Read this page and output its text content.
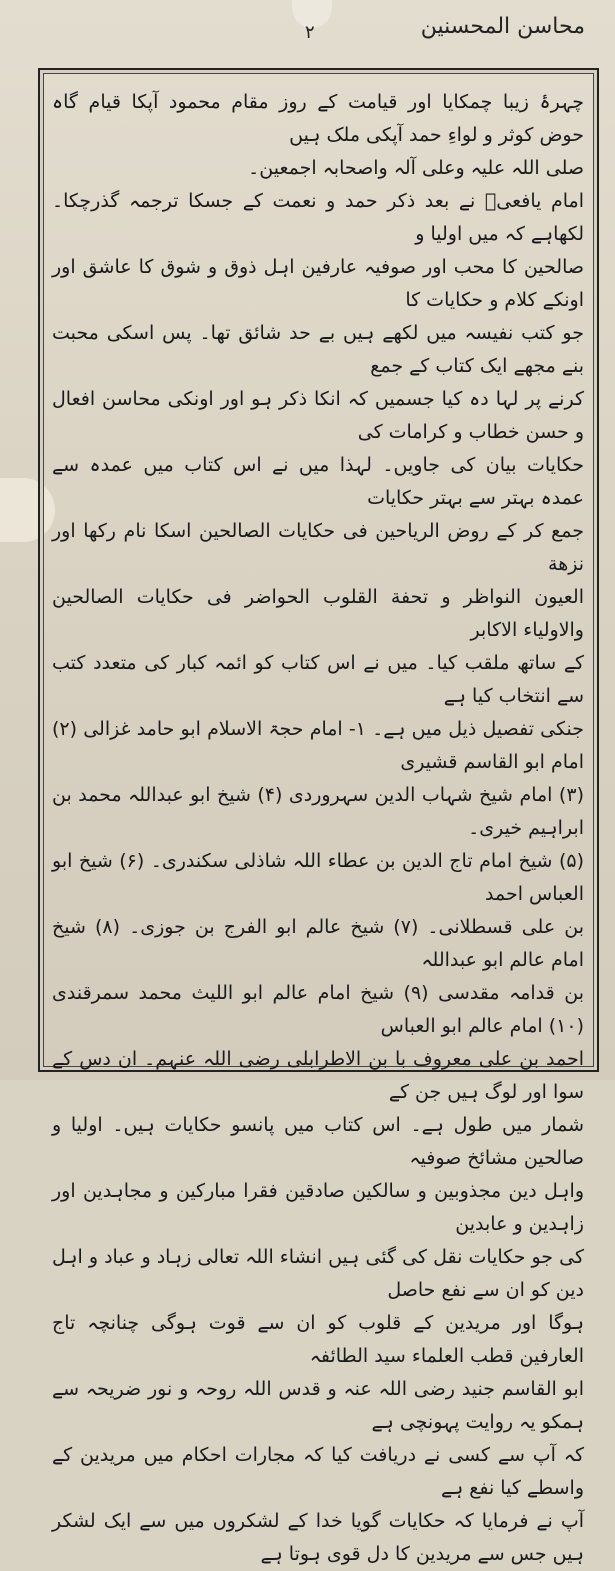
محاسن المحسنین
۲

چہرۂ زیبا چمکایا اور قیامت کے روز مقام محمود آپکا قیام گاہ حوض کوثر و لواءِ حمد آپکی ملک ہیں

صلی اللہ علیہ وعلی آلہ واصحابہ اجمعین۔

امام یافعیؒ نے بعد ذکر حمد و نعمت کے جسکا ترجمہ گذرچکا۔ لکھاہے کہ میں اولیا و

صالحین کا محب اور صوفیہ عارفین اہل ذوق و شوق کا عاشق اور اونکے کلام و حکایات کا

جو کتب نفیسہ میں لکھے ہیں بے حد شائق تھا۔ پس اسکی محبت بنے مجھے ایک کتاب کے جمع

کرنے پر لہا دہ کیا جسمیں کہ انکا ذکر ہو اور اونکی محاسن افعال و حسن خطاب و کرامات کی

حکایات بیان کی جاویں۔ لہذا میں نے اس کتاب میں عمدہ سے عمدہ بہتر سے بہتر حکایات

جمع کر کے روض الریاحین فی حکایات الصالحین اسکا نام رکھا اور نزهة

العیون النواظر و تحفة القلوب الحواضر فی حکایات الصالحین والاولیاء الاکابر

کے ساتھ ملقب کیا۔ میں نے اس کتاب کو ائمہ کبار کی متعدد کتب سے انتخاب کیا ہے

جنکی تفصیل ذیل میں ہے۔ ۱- امام حجۃ الاسلام ابو حامد غزالی (۲) امام ابو القاسم قشیری

(۳) امام شیخ شہاب الدین سہروردی (۴) شیخ ابو عبداللہ محمد بن ابراہیم خیری۔

(۵) شیخ امام تاج الدین بن عطاء اللہ شاذلی سکندری۔ (۶) شیخ ابو العباس احمد

بن علی قسطلانی۔ (۷) شیخ عالم ابو الفرج بن جوزی۔ (۸) شیخ امام عالم ابو عبداللہ

بن قدامہ مقدسی (۹) شیخ امام عالم ابو اللیث محمد سمرقندی (۱۰) امام عالم ابو العباس

احمد بن علی معروف با بن الاطرابلی رضی اللہ عنہم۔ ان دس کے سوا اور لوگ ہیں جن کے

شمار میں طول ہے۔ اس کتاب میں پانسو حکایات ہیں۔ اولیا و صالحین مشائخ صوفیہ

واہل دین مجذوبین و سالکین صادقین فقرا مبارکین و مجاہدین اور زاہدین و عابدین

کی جو حکایات نقل کی گئی ہیں انشاء اللہ تعالی زہاد و عباد و اہل دین کو ان سے نفع حاصل

ہوگا اور مریدین کے قلوب کو ان سے قوت ہوگی چنانچہ تاج العارفین قطب العلماء سید الطائفہ

ابو القاسم جنید رضی اللہ عنہ و قدس اللہ روحہ و نور ضریحہ سے ہمکو یہ روایت پہونچی ہے

کہ آپ سے کسی نے دریافت کیا کہ مجارات احکام میں مریدین کے واسطے کیا نفع ہے

آپ نے فرمایا کہ حکایات گویا خدا کے لشکروں میں سے ایک لشکر ہیں جس سے مریدین کا دل قوی ہوتا ہے
